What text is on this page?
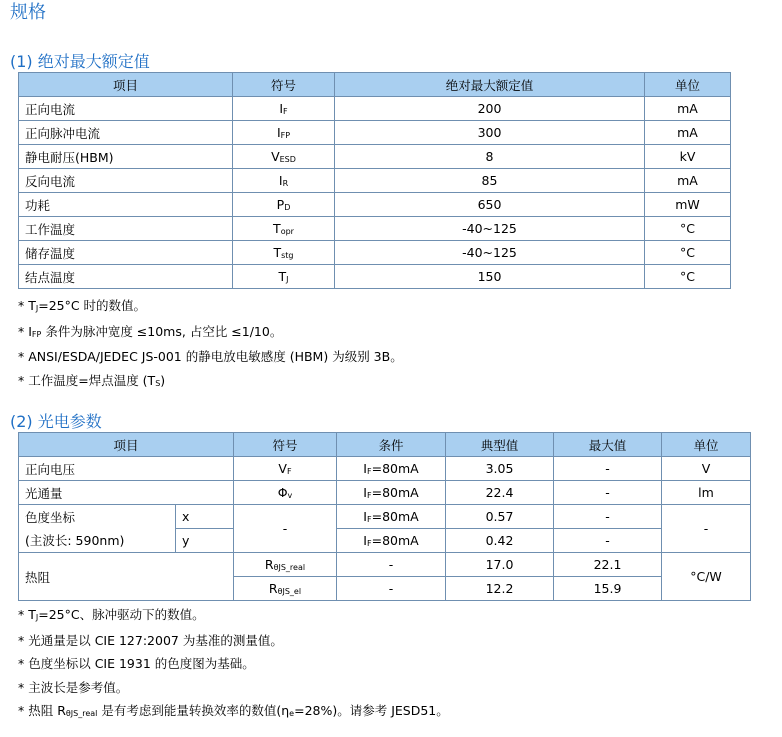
规格
(1) 绝对最大额定值
项目	符号	绝对最大额定值	单位
正向电流	IF	200	mA
正向脉冲电流	IFP	300	mA
静电耐压(HBM)	VESD	8	kV
反向电流	IR	85	mA
功耗	PD	650	mW
工作温度	Topr	-40~125	°C
储存温度	Tstg	-40~125	°C
结点温度	TJ	150	°C
* TJ=25°C 时的数值。
* IFP 条件为脉冲宽度 ≤10ms, 占空比 ≤1/10。
* ANSI/ESDA/JEDEC JS-001 的静电放电敏感度 (HBM) 为级别 3B。
* 工作温度=焊点温度 (TS)
(2) 光电参数
项目		符号	条件	典型值	最大值	单位
正向电压		VF	IF=80mA	3.05	-	V
光通量		Φv	IF=80mA	22.4	-	lm
色度坐标	x	-	IF=80mA	0.57	-	-
(主波长: 590nm)	y		IF=80mA	0.42	-	
热阻		RθJS_real	-	17.0	22.1	°C/W
		RθJS_el	-	12.2	15.9	
* TJ=25°C、脉冲驱动下的数值。
* 光通量是以 CIE 127:2007 为基准的测量值。
* 色度坐标以 CIE 1931 的色度图为基础。
* 主波长是参考值。
* 热阻 RθJS_real 是有考虑到能量转换效率的数值(ηe=28%)。请参考 JESD51。
